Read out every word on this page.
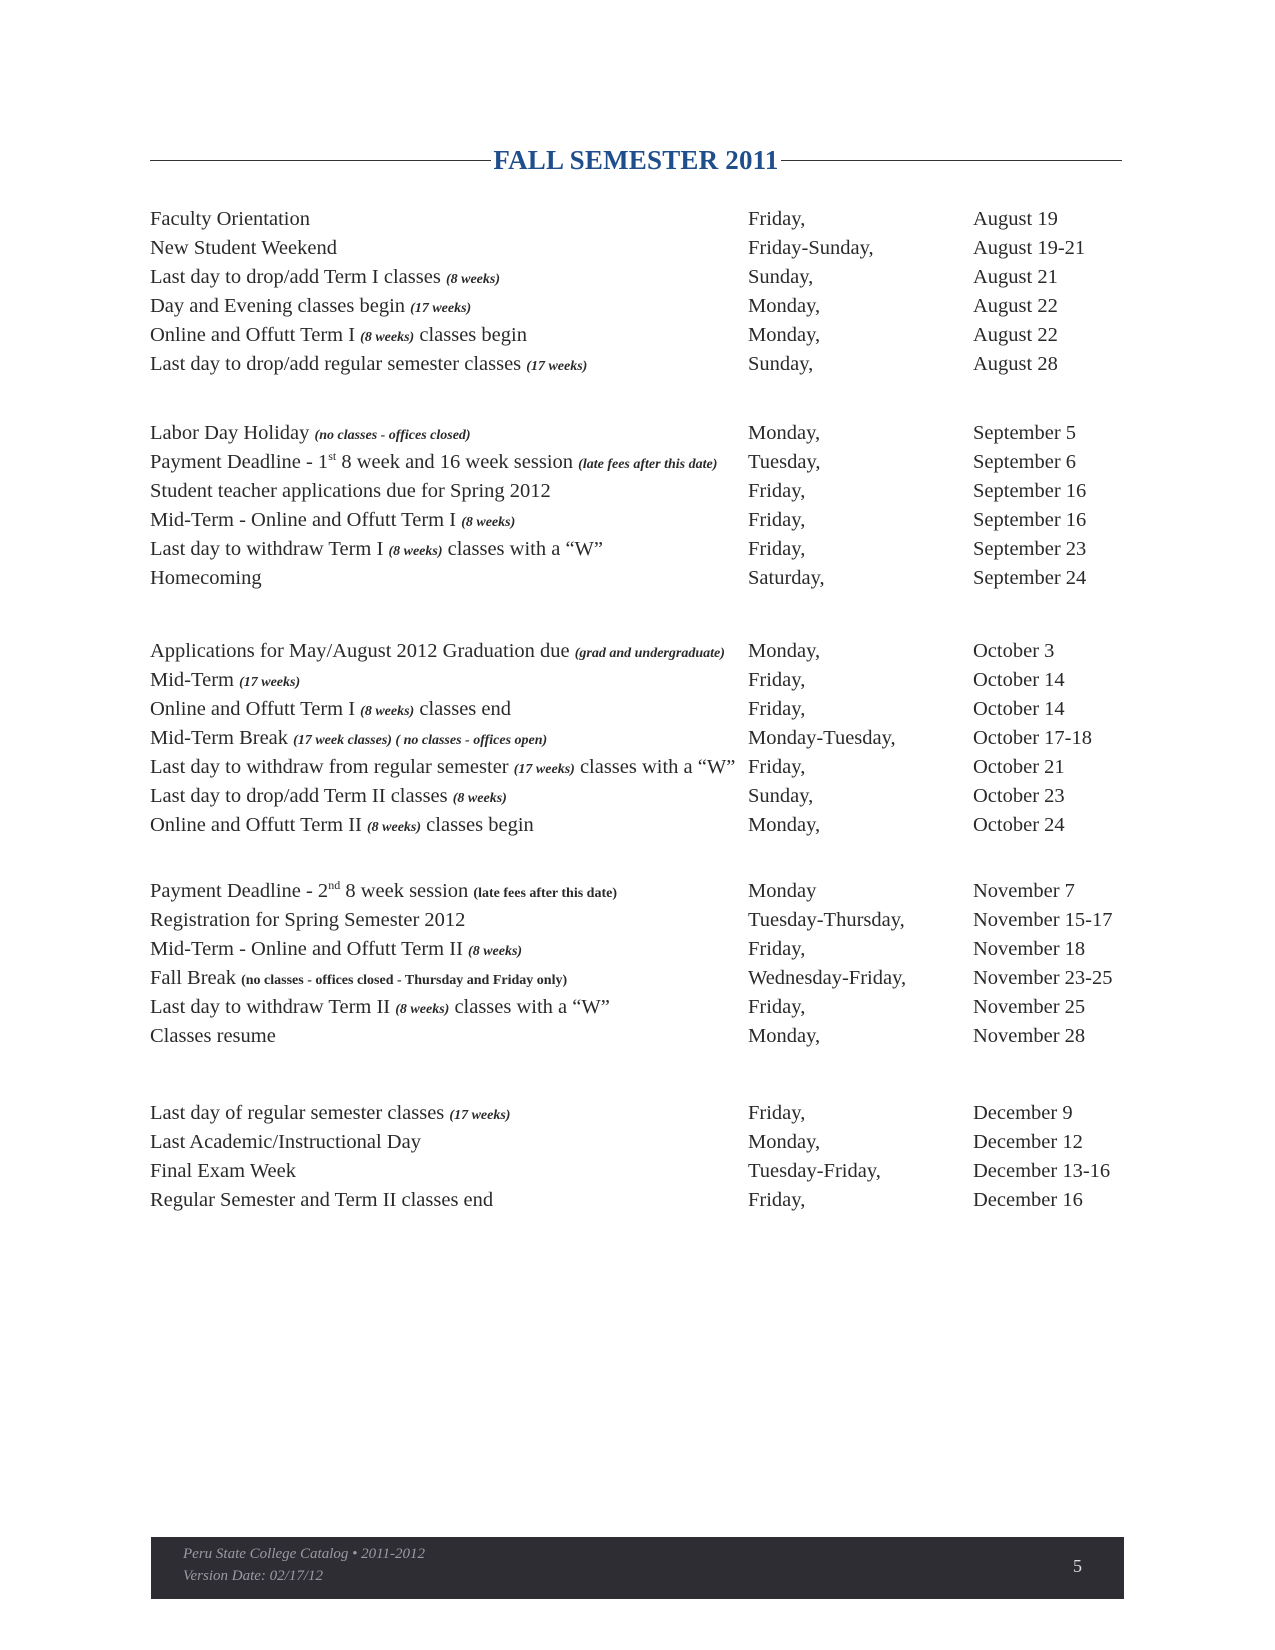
FALL SEMESTER 2011
Faculty Orientation	Friday,	August 19
New Student Weekend	Friday-Sunday,	August 19-21
Last day to drop/add Term I classes (8 weeks)	Sunday,	August 21
Day and Evening classes begin (17 weeks)	Monday,	August 22
Online and Offutt Term I (8 weeks) classes begin	Monday,	August 22
Last day to drop/add regular semester classes (17 weeks)	Sunday,	August 28
Labor Day Holiday (no classes - offices closed)	Monday,	September 5
Payment Deadline - 1st 8 week and 16 week session (late fees after this date) Tuesday,	September 6
Student teacher applications due for Spring 2012	Friday,	September 16
Mid-Term - Online and Offutt Term I (8 weeks)	Friday,	September 16
Last day to withdraw Term I (8 weeks) classes with a “W”	Friday,	September 23
Homecoming	Saturday,	September 24
Applications for May/August 2012 Graduation due (grad and undergraduate) Monday,	October 3
Mid-Term (17 weeks)	Friday,	October 14
Online and Offutt Term I (8 weeks) classes end	Friday,	October 14
Mid-Term Break (17 week classes) ( no classes - offices open)	Monday-Tuesday,	October 17-18
Last day to withdraw from regular semester (17 weeks) classes with a “W” Friday,	October 21
Last day to drop/add Term II classes (8 weeks)	Sunday,	October 23
Online and Offutt Term II (8 weeks) classes begin	Monday,	October 24
Payment Deadline - 2nd 8 week session (late fees after this date)	Monday	November 7
Registration for Spring Semester 2012	Tuesday-Thursday,	November 15-17
Mid-Term - Online and Offutt Term II (8 weeks)	Friday,	November 18
Fall Break (no classes - offices closed - Thursday and Friday only)	Wednesday-Friday,	November 23-25
Last day to withdraw Term II (8 weeks) classes with a “W”	Friday,	November 25
Classes resume	Monday,	November 28
Last day of regular semester classes (17 weeks)	Friday,	December 9
Last Academic/Instructional Day	Monday,	December 12
Final Exam Week	Tuesday-Friday,	December 13-16
Regular Semester and Term II classes end	Friday,	December 16
Peru State College Catalog • 2011-2012
Version Date: 02/17/12	5
